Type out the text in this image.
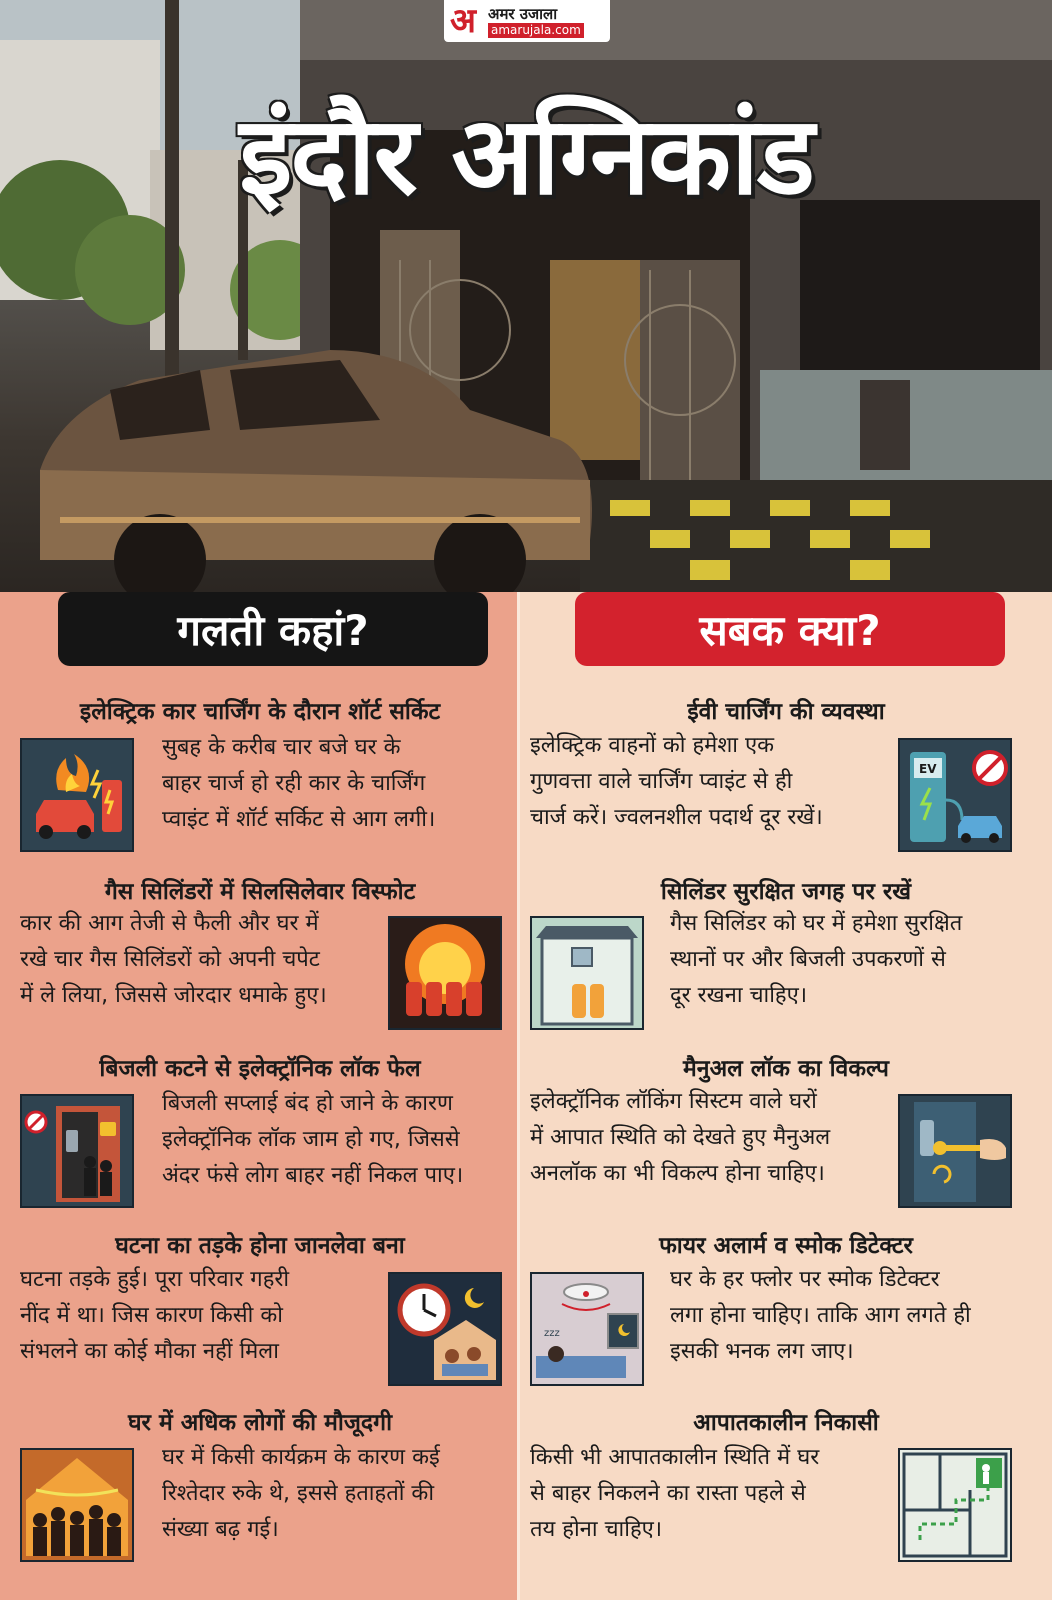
अ अमर उजाला
amarujala.com
इंदौर अग्निकांड
गलती कहां?	सबक क्या?
इलेक्ट्रिक कार चार्जिंग के दौरान शॉर्ट सर्किट
सुबह के करीब चार बजे घर के
बाहर चार्ज हो रही कार के चार्जिंग
प्वाइंट में शॉर्ट सर्किट से आग लगी।
गैस सिलिंडरों में सिलसिलेवार विस्फोट
कार की आग तेजी से फैली और घर में
रखे चार गैस सिलिंडरों को अपनी चपेट
में ले लिया, जिससे जोरदार धमाके हुए।
बिजली कटने से इलेक्ट्रॉनिक लॉक फेल
बिजली सप्लाई बंद हो जाने के कारण
इलेक्ट्रॉनिक लॉक जाम हो गए, जिससे
अंदर फंसे लोग बाहर नहीं निकल पाए।
घटना का तड़के होना जानलेवा बना
घटना तड़के हुई। पूरा परिवार गहरी
नींद में था। जिस कारण किसी को
संभलने का कोई मौका नहीं मिला
घर में अधिक लोगों की मौजूदगी
घर में किसी कार्यक्रम के कारण कई
रिश्तेदार रुके थे, इससे हताहतों की
संख्या बढ़ गई।
ईवी चार्जिंग की व्यवस्था
इलेक्ट्रिक वाहनों को हमेशा एक
गुणवत्ता वाले चार्जिंग प्वाइंट से ही
चार्ज करें। ज्वलनशील पदार्थ दूर रखें।
EV
सिलिंडर सुरक्षित जगह पर रखें
गैस सिलिंडर को घर में हमेशा सुरक्षित
स्थानों पर और बिजली उपकरणों से
दूर रखना चाहिए।
मैनुअल लॉक का विकल्प
इलेक्ट्रॉनिक लॉकिंग सिस्टम वाले घरों
में आपात स्थिति को देखते हुए मैनुअल
अनलॉक का भी विकल्प होना चाहिए।
फायर अलार्म व स्मोक डिटेक्टर
zzz
घर के हर फ्लोर पर स्मोक डिटेक्टर
लगा होना चाहिए। ताकि आग लगते ही
इसकी भनक लग जाए।
आपातकालीन निकासी
किसी भी आपातकालीन स्थिति में घर
से बाहर निकलने का रास्ता पहले से
तय होना चाहिए।
